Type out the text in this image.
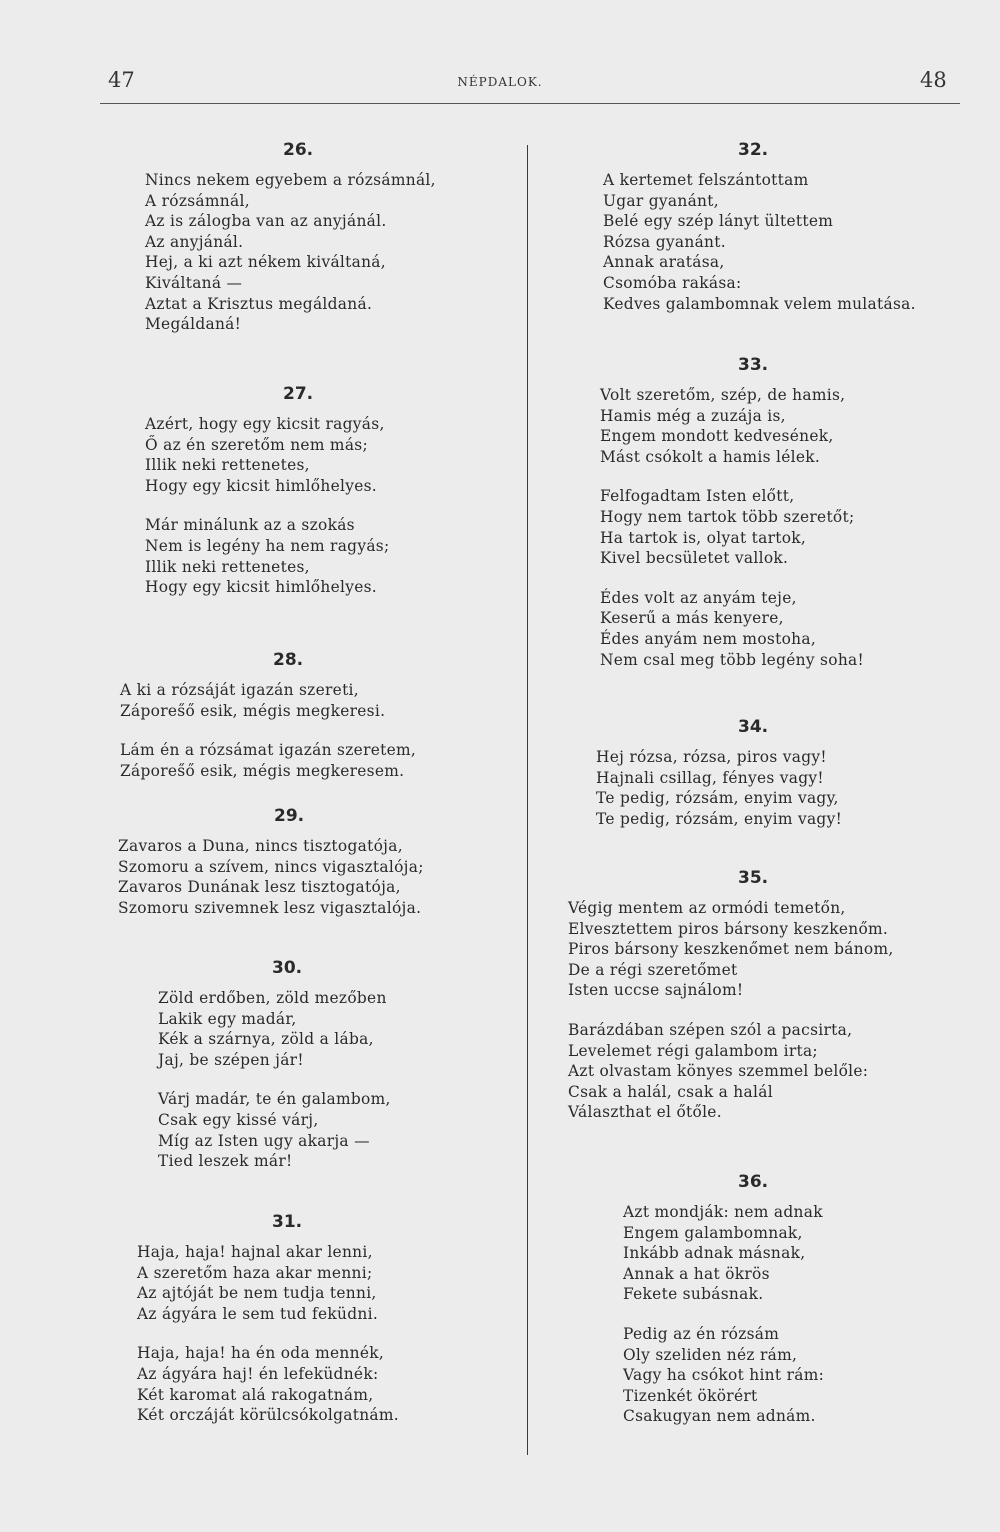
47	NÉPDALOK.	48
26.
Nincs nekem egyebem a rózsámnál,
A rózsámnál,
Az is zálogba van az anyjánál.
Az anyjánál.
Hej, a ki azt nékem kiváltaná,
Kiváltaná —
Aztat a Krisztus megáldaná.
Megáldaná!
27.
Azért, hogy egy kicsit ragyás,
Ő az én szeretőm nem más;
Illik neki rettenetes,
Hogy egy kicsit himlőhelyes.
Már minálunk az a szokás
Nem is legény ha nem ragyás;
Illik neki rettenetes,
Hogy egy kicsit himlőhelyes.
28.
A ki a rózsáját igazán szereti,
Zápores̋ő esik, mégis megkeresi.
Lám én a rózsámat igazán szeretem,
Zápores̋ő esik, mégis megkeresem.
29.
Zavaros a Duna, nincs tisztogatója,
Szomoru a szívem, nincs vigasztalója;
Zavaros Dunának lesz tisztogatója,
Szomoru szivemnek lesz vigasztalója.
30.
Zöld erdőben, zöld mezőben
Lakik egy madár,
Kék a szárnya, zöld a lába,
Jaj, be szépen jár!
Várj madár, te én galambom,
Csak egy kissé várj,
Míg az Isten ugy akarja —
Tied leszek már!
31.
Haja, haja! hajnal akar lenni,
A szeretőm haza akar menni;
Az ajtóját be nem tudja tenni,
Az ágyára le sem tud feküdni.
Haja, haja! ha én oda mennék,
Az ágyára haj! én lefeküdnék:
Két karomat alá rakogatnám,
Két orczáját körülcsókolgatnám.
32.
A kertemet felszántottam
Ugar gyanánt,
Belé egy szép lányt ültettem
Rózsa gyanánt.
Annak aratása,
Csomóba rakása:
Kedves galambomnak velem mulatása.
33.
Volt szeretőm, szép, de hamis,
Hamis még a zuzája is,
Engem mondott kedvesének,
Mást csókolt a hamis lélek.
Felfogadtam Isten előtt,
Hogy nem tartok több szeretőt;
Ha tartok is, olyat tartok,
Kivel becsületet vallok.
Édes volt az anyám teje,
Keserű a más kenyere,
Édes anyám nem mostoha,
Nem csal meg több legény soha!
34.
Hej rózsa, rózsa, piros vagy!
Hajnali csillag, fényes vagy!
Te pedig, rózsám, enyim vagy,
Te pedig, rózsám, enyim vagy!
35.
Végig mentem az ormódi temetőn,
Elvesztettem piros bársony keszkenőm.
Piros bársony keszkenőmet nem bánom,
De a régi szeretőmet
Isten uccse sajnálom!
Barázdában szépen szól a pacsirta,
Levelemet régi galambom irta;
Azt olvastam könyes szemmel belőle:
Csak a halál, csak a halál
Választhat el őtőle.
36.
Azt mondják: nem adnak
Engem galambomnak,
Inkább adnak másnak,
Annak a hat ökrös
Fekete subásnak.
Pedig az én rózsám
Oly szeliden néz rám,
Vagy ha csókot hint rám:
Tizenkét ökörért
Csakugyan nem adnám.
